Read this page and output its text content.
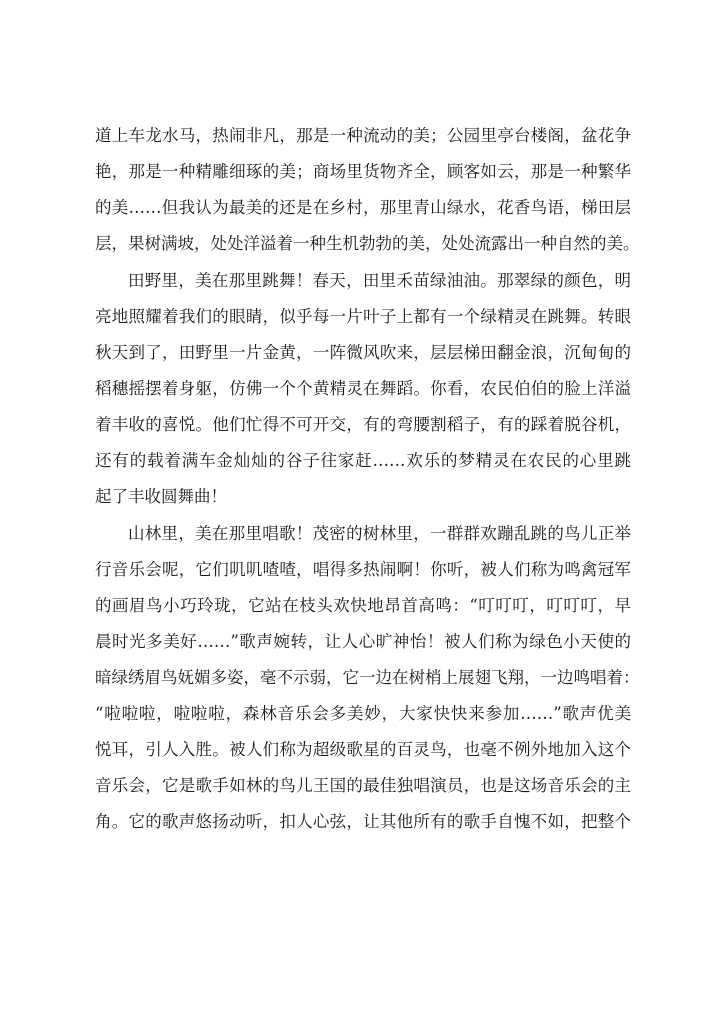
道上车龙水马，热闹非凡，那是一种流动的美；公园里亭台楼阁，盆花争
艳，那是一种精雕细琢的美；商场里货物齐全，顾客如云，那是一种繁华
的美……但我认为最美的还是在乡村，那里青山绿水，花香鸟语，梯田层
层，果树满坡，处处洋溢着一种生机勃勃的美，处处流露出一种自然的美。
田野里，美在那里跳舞！春天，田里禾苗绿油油。那翠绿的颜色，明
亮地照耀着我们的眼睛，似乎每一片叶子上都有一个绿精灵在跳舞。转眼
秋天到了，田野里一片金黄，一阵微风吹来，层层梯田翻金浪，沉甸甸的
稻穗摇摆着身躯，仿佛一个个黄精灵在舞蹈。你看，农民伯伯的脸上洋溢
着丰收的喜悦。他们忙得不可开交，有的弯腰割稻子，有的踩着脱谷机，
还有的载着满车金灿灿的谷子往家赶……欢乐的梦精灵在农民的心里跳
起了丰收圆舞曲！
山林里，美在那里唱歌！茂密的树林里，一群群欢蹦乱跳的鸟儿正举
行音乐会呢，它们叽叽喳喳，唱得多热闹啊！你听，被人们称为鸣禽冠军
的画眉鸟小巧玲珑，它站在枝头欢快地昂首高鸣：“叮叮叮，叮叮叮，早
晨时光多美好……”歌声婉转，让人心旷神怡！被人们称为绿色小天使的
暗绿绣眉鸟妩媚多姿，毫不示弱，它一边在树梢上展翅飞翔，一边鸣唱着：
“啦啦啦，啦啦啦，森林音乐会多美妙，大家快快来参加……”歌声优美
悦耳，引人入胜。被人们称为超级歌星的百灵鸟，也毫不例外地加入这个
音乐会，它是歌手如林的鸟儿王国的最佳独唱演员，也是这场音乐会的主
角。它的歌声悠扬动听，扣人心弦，让其他所有的歌手自愧不如，把整个
